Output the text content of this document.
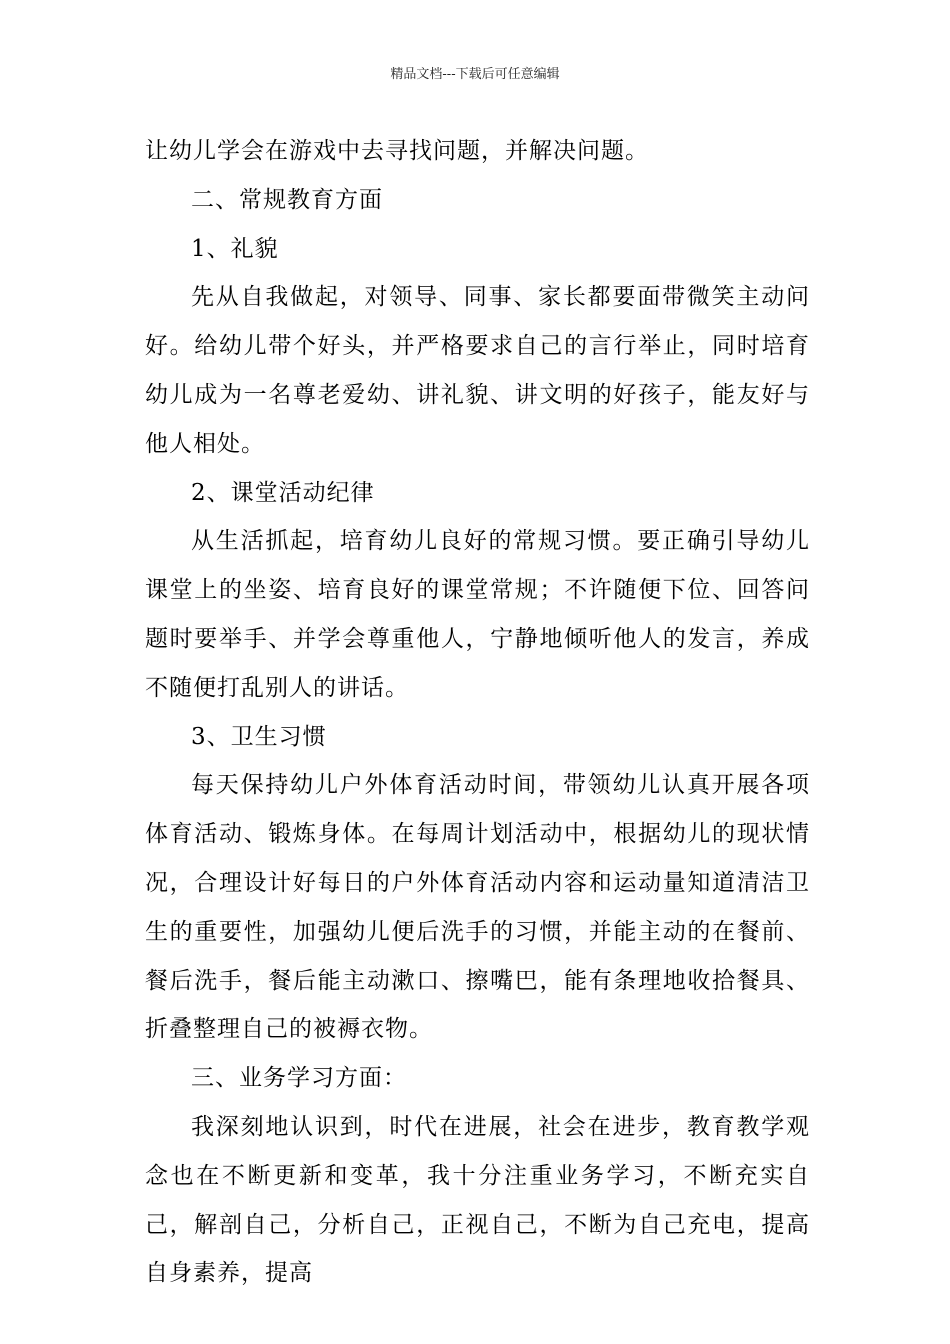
精品文档---下载后可任意编辑

让幼儿学会在游戏中去寻找问题，并解决问题。

二、常规教育方面

1、礼貌

先从自我做起，对领导、同事、家长都要面带微笑主动问好。给幼儿带个好头，并严格要求自己的言行举止，同时培育幼儿成为一名尊老爱幼、讲礼貌、讲文明的好孩子，能友好与他人相处。

2、课堂活动纪律

从生活抓起，培育幼儿良好的常规习惯。要正确引导幼儿课堂上的坐姿、培育良好的课堂常规；不许随便下位、回答问题时要举手、并学会尊重他人，宁静地倾听他人的发言，养成不随便打乱别人的讲话。

3、卫生习惯

每天保持幼儿户外体育活动时间，带领幼儿认真开展各项体育活动、锻炼身体。在每周计划活动中，根据幼儿的现状情况，合理设计好每日的户外体育活动内容和运动量知道清洁卫生的重要性，加强幼儿便后洗手的习惯，并能主动的在餐前、餐后洗手，餐后能主动漱口、擦嘴巴，能有条理地收拾餐具、折叠整理自己的被褥衣物。

三、业务学习方面：

我深刻地认识到，时代在进展，社会在进步，教育教学观念也在不断更新和变革，我十分注重业务学习，不断充实自己，解剖自己，分析自己，正视自己，不断为自己充电，提高自身素养，提高
